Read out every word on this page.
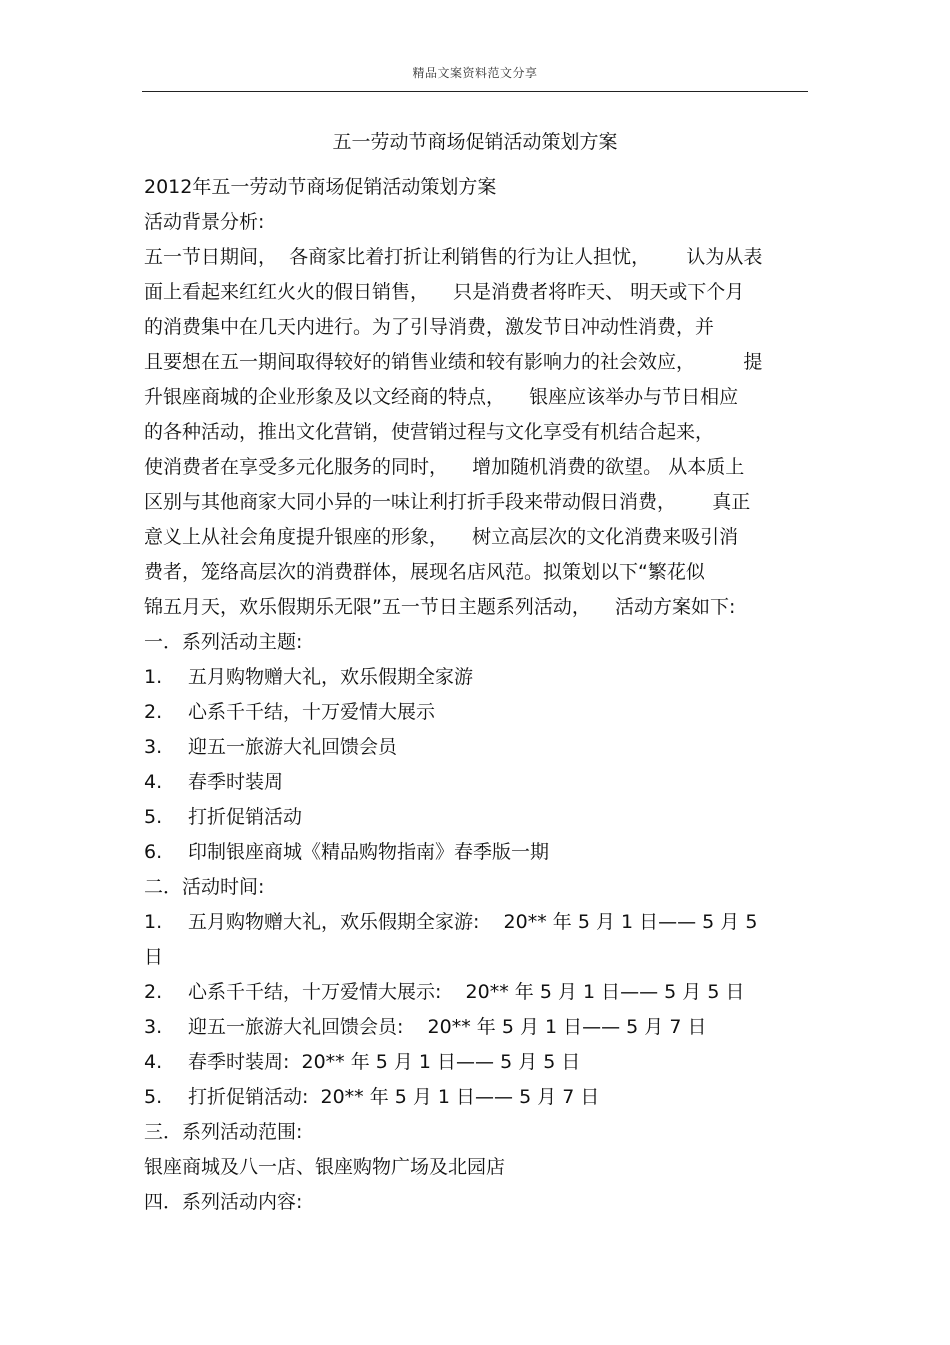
精品文案资料范文分享
五一劳动节商场促销活动策划方案
2012年五一劳动节商场促销活动策划方案
活动背景分析:
五一节日期间，  各商家比着打折让利销售的行为让人担忧，      认为从表
面上看起来红红火火的假日销售，    只是消费者将昨天、 明天或下个月
的消费集中在几天内进行。为了引导消费，激发节日冲动性消费，并
且要想在五一期间取得较好的销售业绩和较有影响力的社会效应，        提
升银座商城的企业形象及以文经商的特点，    银座应该举办与节日相应
的各种活动，推出文化营销，使营销过程与文化享受有机结合起来，
使消费者在享受多元化服务的同时，    增加随机消费的欲望。 从本质上
区别与其他商家大同小异的一味让利打折手段来带动假日消费，      真正
意义上从社会角度提升银座的形象，    树立高层次的文化消费来吸引消
费者，笼络高层次的消费群体，展现名店风范。拟策划以下“繁花似
锦五月天，欢乐假期乐无限”五一节日主题系列活动，    活动方案如下:
一．系列活动主题:
1.	五月购物赠大礼，欢乐假期全家游
2.	心系千千结，十万爱情大展示
3.	迎五一旅游大礼回馈会员
4.	春季时装周
5.	打折促销活动
6.	印制银座商城《精品购物指南》春季版一期
二．活动时间:
1.	五月购物赠大礼，欢乐假期全家游:    20** 年 5 月 1 日—— 5 月 5
日
2.	心系千千结，十万爱情大展示:    20** 年 5 月 1 日—— 5 月 5 日
3.	迎五一旅游大礼回馈会员:    20** 年 5 月 1 日—— 5 月 7 日
4.	春季时装周:  20** 年 5 月 1 日—— 5 月 5 日
5.	打折促销活动:  20** 年 5 月 1 日—— 5 月 7 日
三．系列活动范围:
银座商城及八一店、银座购物广场及北园店
四．系列活动内容:
